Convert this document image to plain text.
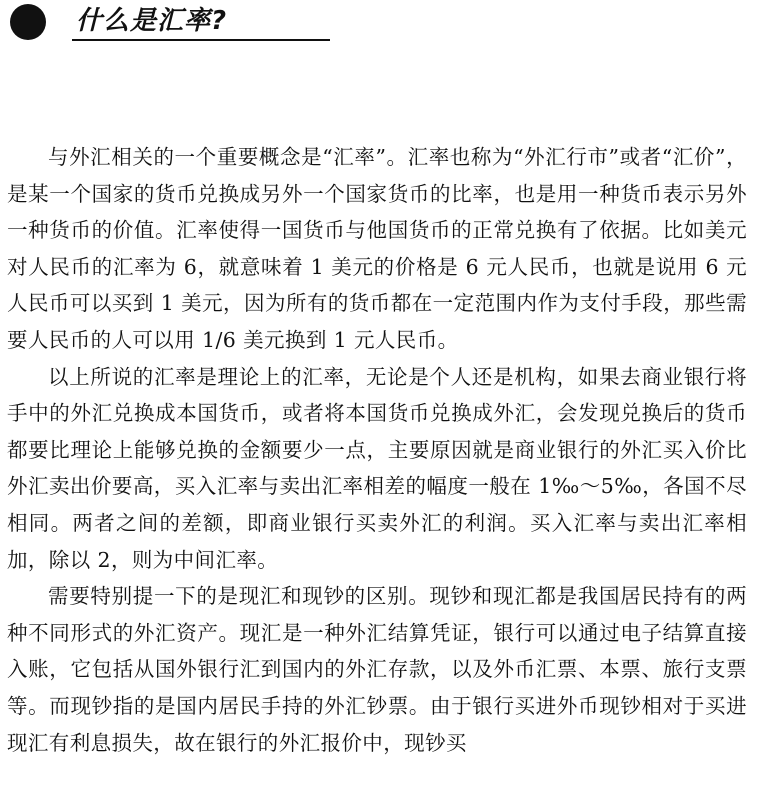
什么是汇率?

与外汇相关的一个重要概念是“汇率”。汇率也称为“外汇行市”或者“汇价”，是某一个国家的货币兑换成另外一个国家货币的比率，也是用一种货币表示另外一种货币的价值。汇率使得一国货币与他国货币的正常兑换有了依据。比如美元对人民币的汇率为 6，就意味着 1 美元的价格是 6 元人民币，也就是说用 6 元人民币可以买到 1 美元，因为所有的货币都在一定范围内作为支付手段，那些需要人民币的人可以用 1/6 美元换到 1 元人民币。

以上所说的汇率是理论上的汇率，无论是个人还是机构，如果去商业银行将手中的外汇兑换成本国货币，或者将本国货币兑换成外汇，会发现兑换后的货币都要比理论上能够兑换的金额要少一点，主要原因就是商业银行的外汇买入价比外汇卖出价要高，买入汇率与卖出汇率相差的幅度一般在 1‰～5‰，各国不尽相同。两者之间的差额，即商业银行买卖外汇的利润。买入汇率与卖出汇率相加，除以 2，则为中间汇率。

需要特别提一下的是现汇和现钞的区别。现钞和现汇都是我国居民持有的两种不同形式的外汇资产。现汇是一种外汇结算凭证，银行可以通过电子结算直接入账，它包括从国外银行汇到国内的外汇存款，以及外币汇票、本票、旅行支票等。而现钞指的是国内居民手持的外汇钞票。由于银行买进外币现钞相对于买进现汇有利息损失，故在银行的外汇报价中，现钞买
